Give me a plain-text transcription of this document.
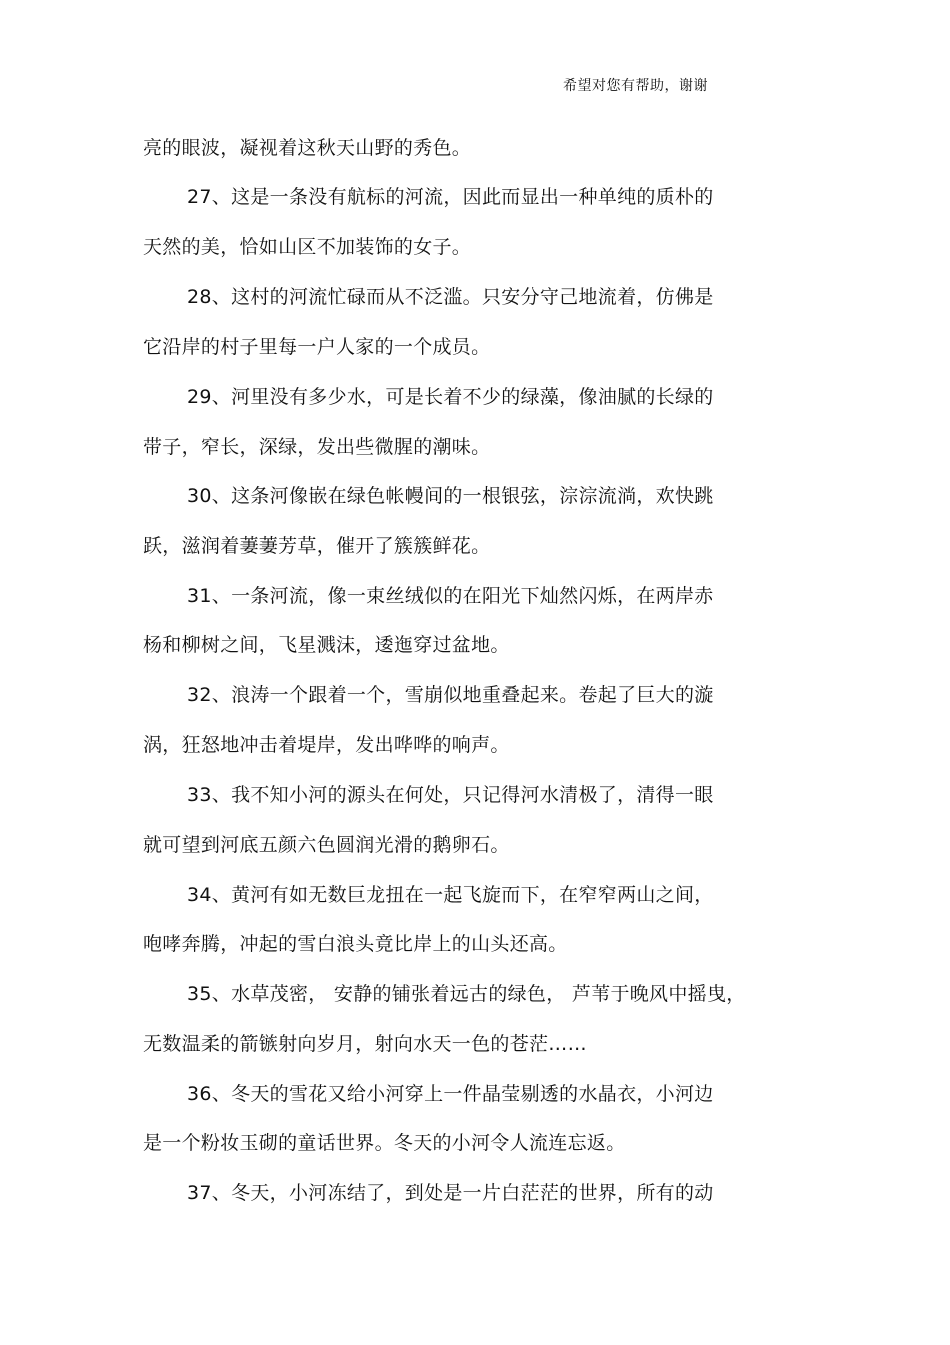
希望对您有帮助，谢谢
亮的眼波，凝视着这秋天山野的秀色。
27、这是一条没有航标的河流，因此而显出一种单纯的质朴的
天然的美，恰如山区不加装饰的女子。
28、这村的河流忙碌而从不泛滥。只安分守己地流着，仿佛是
它沿岸的村子里每一户人家的一个成员。
29、河里没有多少水，可是长着不少的绿藻，像油腻的长绿的
带子，窄长，深绿，发出些微腥的潮味。
30、这条河像嵌在绿色帐幔间的一根银弦，淙淙流淌，欢快跳
跃，滋润着萋萋芳草，催开了簇簇鲜花。
31、一条河流，像一束丝绒似的在阳光下灿然闪烁，在两岸赤
杨和柳树之间，飞星溅沫，逶迤穿过盆地。
32、浪涛一个跟着一个，雪崩似地重叠起来。卷起了巨大的漩
涡，狂怒地冲击着堤岸，发出哗哗的响声。
33、我不知小河的源头在何处，只记得河水清极了，清得一眼
就可望到河底五颜六色圆润光滑的鹅卵石。
34、黄河有如无数巨龙扭在一起飞旋而下，在窄窄两山之间，
咆哮奔腾，冲起的雪白浪头竟比岸上的山头还高。
35、水草茂密， 安静的铺张着远古的绿色， 芦苇于晚风中摇曳，
无数温柔的箭镞射向岁月，射向水天一色的苍茫……
36、冬天的雪花又给小河穿上一件晶莹剔透的水晶衣，小河边
是一个粉妆玉砌的童话世界。冬天的小河令人流连忘返。
37、冬天，小河冻结了，到处是一片白茫茫的世界，所有的动
